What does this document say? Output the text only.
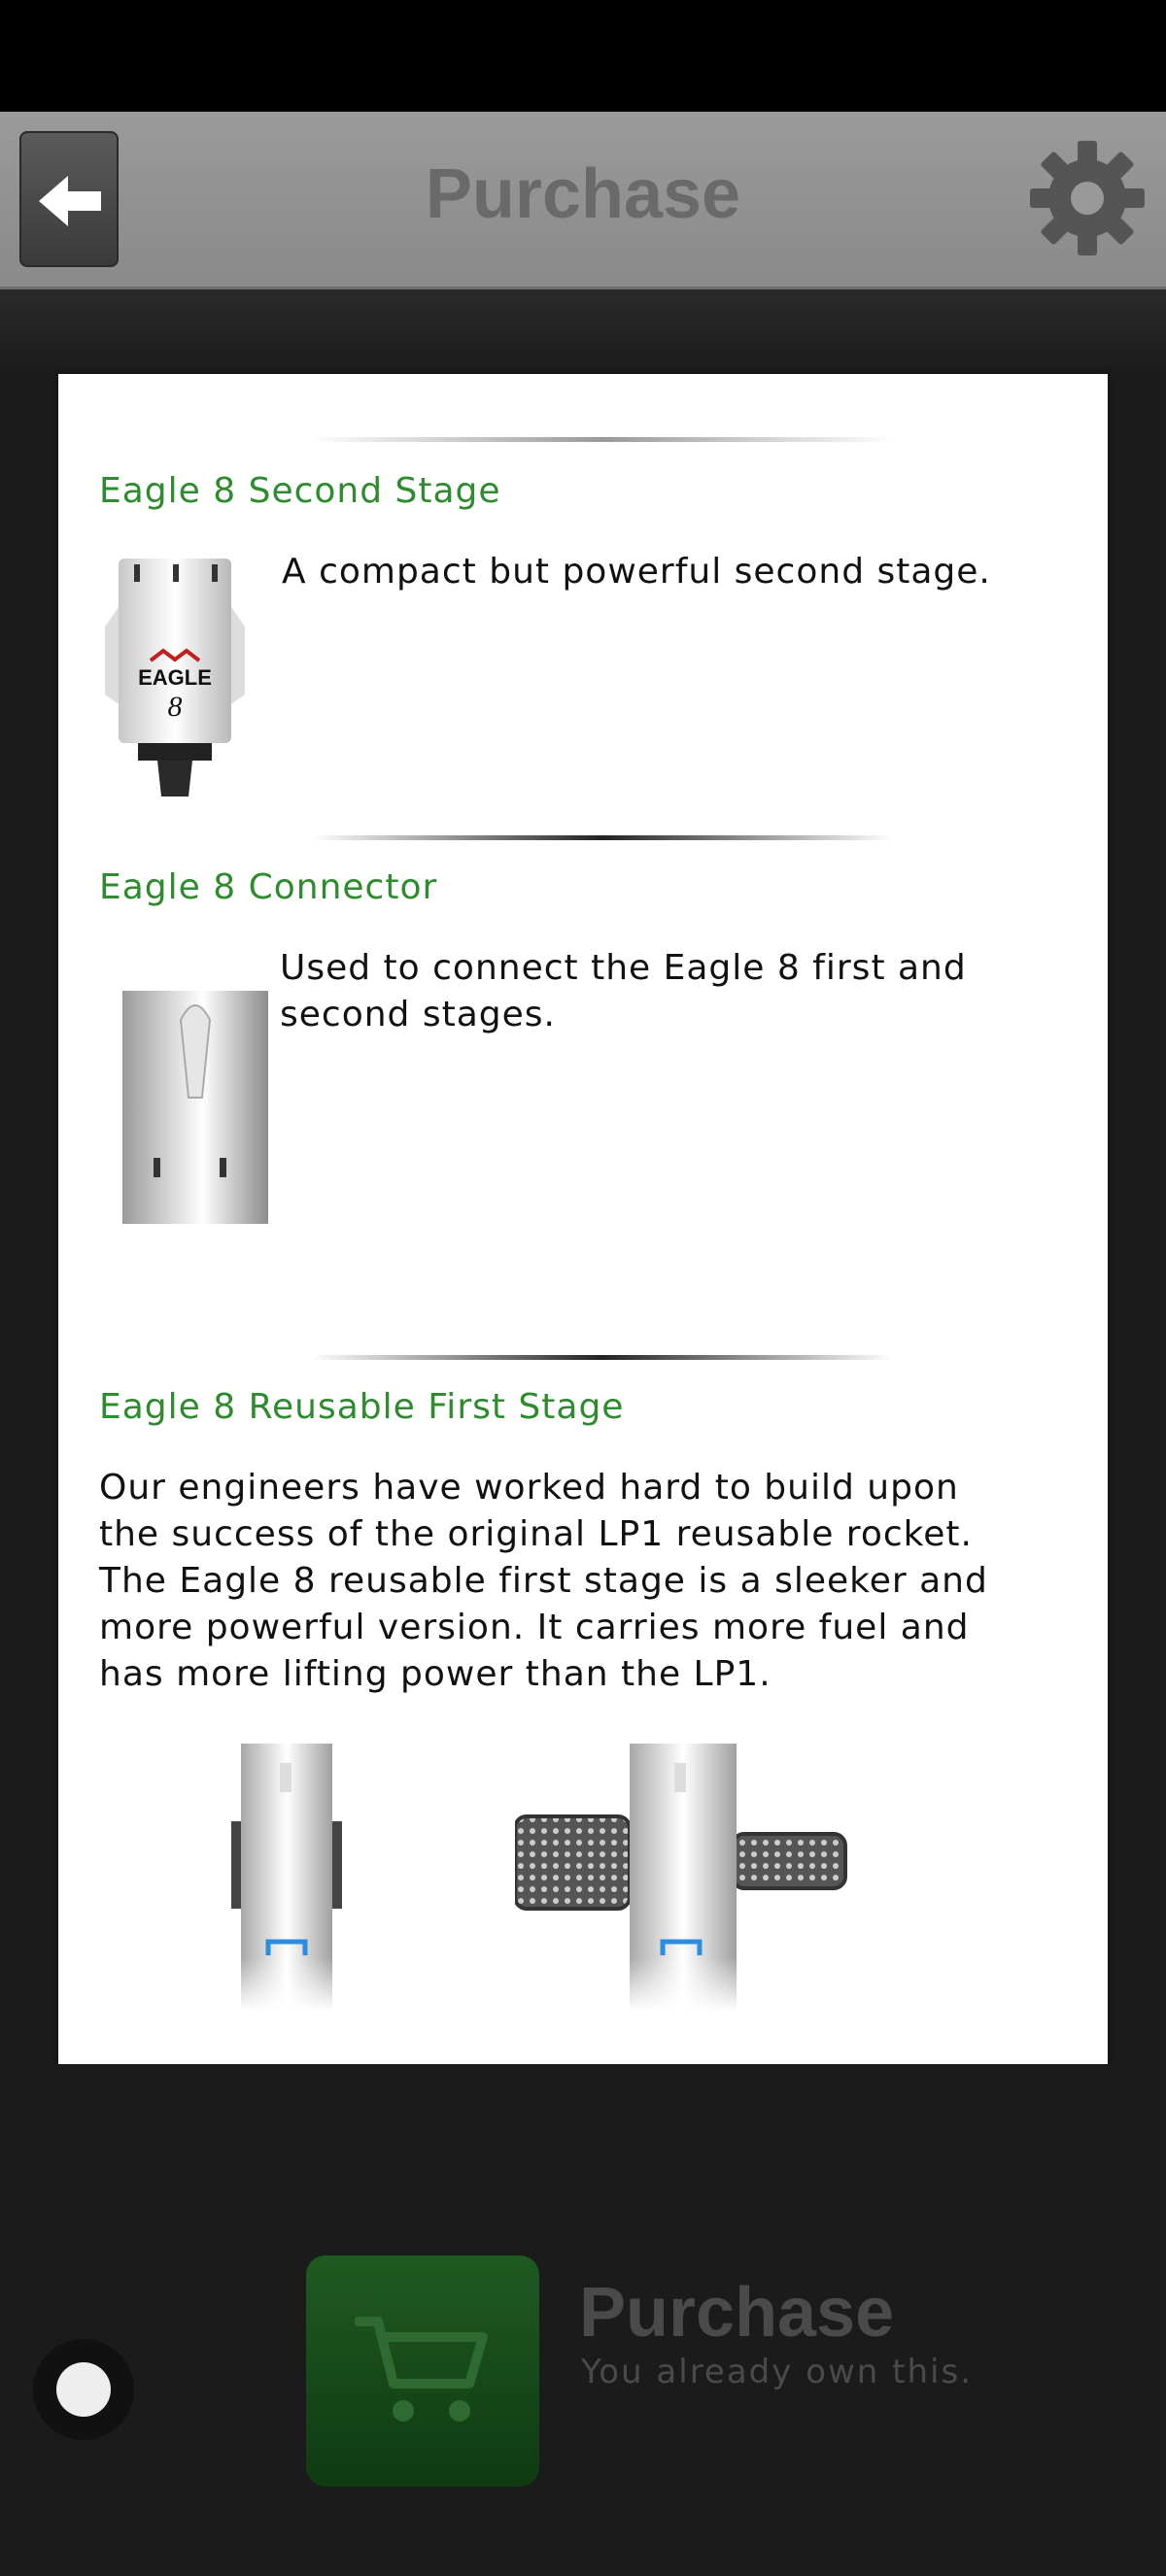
Purchase
Eagle 8 Second Stage
EAGLE
8
A compact but powerful second stage.
Eagle 8 Connector
Used to connect the Eagle 8 first and
second stages.
Eagle 8 Reusable First Stage
Our engineers have worked hard to build upon
the success of the original LP1 reusable rocket.
The Eagle 8 reusable first stage is a sleeker and
more powerful version. It carries more fuel and
has more lifting power than the LP1.
Purchase
You already own this.
